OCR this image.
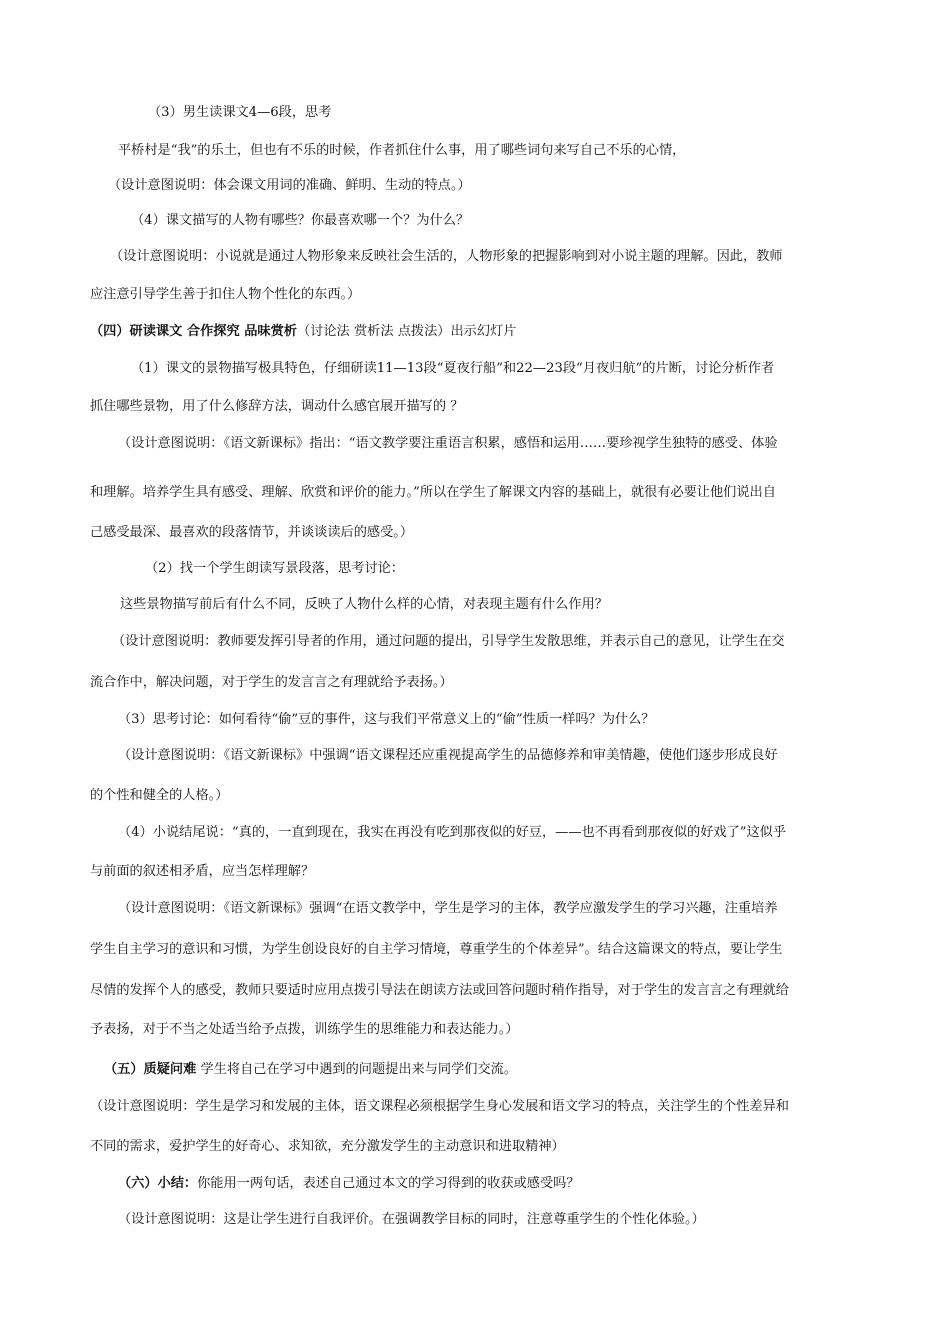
（3）男生读课文4—6段，思考
平桥村是“我”的乐土，但也有不乐的时候，作者抓住什么事，用了哪些词句来写自己不乐的心情，
（设计意图说明：体会课文用词的准确、鲜明、生动的特点。）
（4）课文描写的人物有哪些？你最喜欢哪一个？为什么？
（设计意图说明：小说就是通过人物形象来反映社会生活的，人物形象的把握影响到对小说主题的理解。因此，教师
应注意引导学生善于扣住人物个性化的东西。）
（四）研读课文 合作探究 品味赏析（讨论法 赏析法 点拨法）出示幻灯片
（1）课文的景物描写极具特色，仔细研读11—13段“夏夜行船”和22—23段“月夜归航”的片断，讨论分析作者
抓住哪些景物，用了什么修辞方法，调动什么感官展开描写的 ？
（设计意图说明：《语文新课标》指出：“语文教学要注重语言积累，感悟和运用……要珍视学生独特的感受、体验
和理解。培养学生具有感受、理解、欣赏和评价的能力。”所以在学生了解课文内容的基础上，就很有必要让他们说出自
己感受最深、最喜欢的段落情节，并谈谈读后的感受。）
（2）找一个学生朗读写景段落，思考讨论：
这些景物描写前后有什么不同，反映了人物什么样的心情，对表现主题有什么作用？
（设计意图说明：教师要发挥引导者的作用，通过问题的提出，引导学生发散思维，并表示自己的意见，让学生在交
流合作中，解决问题，对于学生的发言言之有理就给予表扬。）
（3）思考讨论：如何看待“偷”豆的事件，这与我们平常意义上的“偷”性质一样吗？为什么？
（设计意图说明：《语文新课标》中强调“语文课程还应重视提高学生的品德修养和审美情趣，使他们逐步形成良好
的个性和健全的人格。）
（4）小说结尾说：“真的，一直到现在，我实在再没有吃到那夜似的好豆，——也不再看到那夜似的好戏了”这似乎
与前面的叙述相矛盾，应当怎样理解？
（设计意图说明：《语文新课标》强调“在语文教学中，学生是学习的主体，教学应激发学生的学习兴趣，注重培养
学生自主学习的意识和习惯，为学生创设良好的自主学习情境，尊重学生的个体差异”。结合这篇课文的特点，要让学生
尽情的发挥个人的感受，教师只要适时应用点拨引导法在朗读方法或回答问题时稍作指导，对于学生的发言言之有理就给
予表扬，对于不当之处适当给予点拨，训练学生的思维能力和表达能力。）
（五）质疑问难 学生将自己在学习中遇到的问题提出来与同学们交流。
（设计意图说明：学生是学习和发展的主体，语文课程必须根据学生身心发展和语文学习的特点，关注学生的个性差异和
不同的需求，爱护学生的好奇心、求知欲，充分激发学生的主动意识和进取精神）
（六）小结：你能用一两句话，表述自己通过本文的学习得到的收获或感受吗？
（设计意图说明：这是让学生进行自我评价。在强调教学目标的同时，注意尊重学生的个性化体验。）
